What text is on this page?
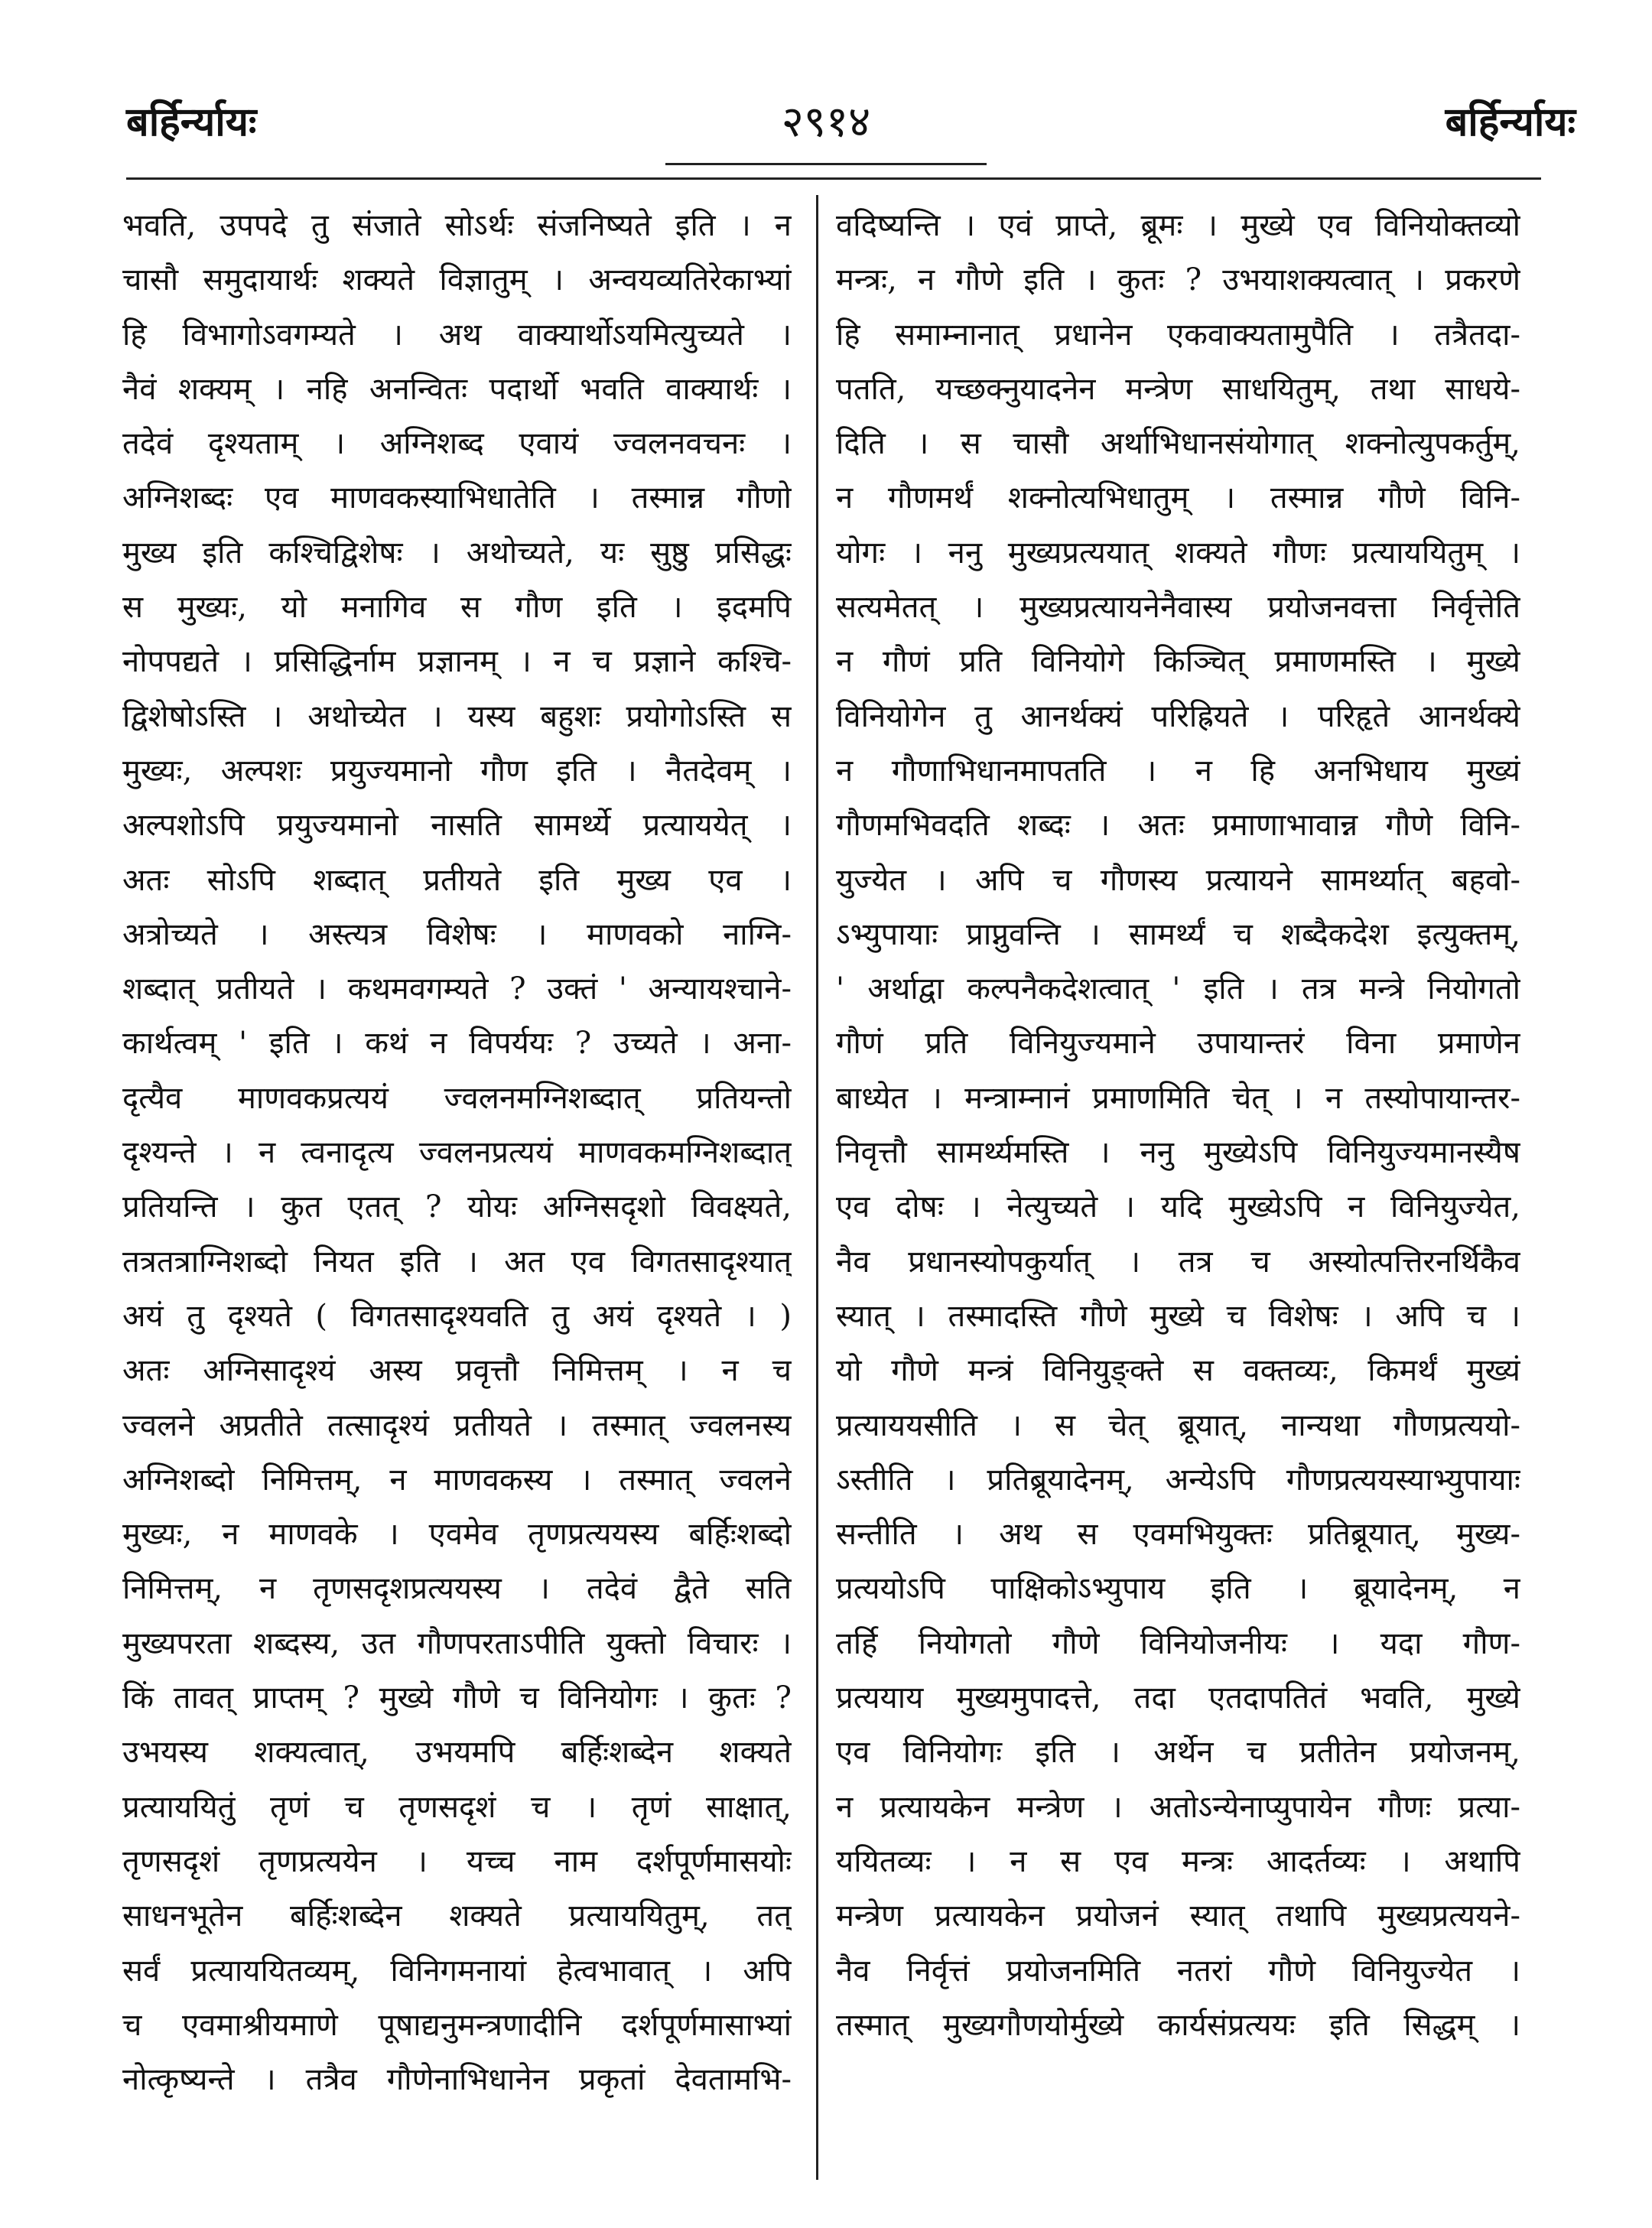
बर्हिर्न्यायः	२९१४	बर्हिर्न्यायः
भवति, उपपदे तु संजाते सोऽर्थः संजनिष्यते इति । न
चासौ समुदायार्थः शक्यते विज्ञातुम् । अन्वयव्यतिरेकाभ्यां
हि विभागोऽवगम्यते । अथ वाक्यार्थोऽयमित्युच्यते ।
नैवं शक्यम् । नहि अनन्वितः पदार्थो भवति वाक्यार्थः ।
तदेवं दृश्यताम् । अग्निशब्द एवायं ज्वलनवचनः ।
अग्निशब्दः एव माणवकस्याभिधातेति । तस्मान्न गौणो
मुख्य इति कश्चिद्विशेषः । अथोच्यते, यः सुष्ठु प्रसिद्धः
स मुख्यः, यो मनागिव स गौण इति । इदमपि
नोपपद्यते । प्रसिद्धिर्नाम प्रज्ञानम् । न च प्रज्ञाने कश्चि-
द्विशेषोऽस्ति । अथोच्येत । यस्य बहुशः प्रयोगोऽस्ति स
मुख्यः, अल्पशः प्रयुज्यमानो गौण इति । नैतदेवम् ।
अल्पशोऽपि प्रयुज्यमानो नासति सामर्थ्ये प्रत्याययेत् ।
अतः सोऽपि शब्दात् प्रतीयते इति मुख्य एव ।
अत्रोच्यते । अस्त्यत्र विशेषः । माणवको नाग्नि-
शब्दात् प्रतीयते । कथमवगम्यते ? उक्तं ' अन्यायश्चाने-
कार्थत्वम् ' इति । कथं न विपर्ययः ? उच्यते । अना-
दृत्यैव माणवकप्रत्ययं ज्वलनमग्निशब्दात् प्रतियन्तो
दृश्यन्ते । न त्वनादृत्य ज्वलनप्रत्ययं माणवकमग्निशब्दात्
प्रतियन्ति । कुत एतत् ? योयः अग्निसदृशो विवक्ष्यते,
तत्रतत्राग्निशब्दो नियत इति । अत एव विगतसादृश्यात्
अयं तु दृश्यते ( विगतसादृश्यवति तु अयं दृश्यते । )
अतः अग्निसादृश्यं अस्य प्रवृत्तौ निमित्तम् । न च
ज्वलने अप्रतीते तत्सादृश्यं प्रतीयते । तस्मात् ज्वलनस्य
अग्निशब्दो निमित्तम्, न माणवकस्य । तस्मात् ज्वलने
मुख्यः, न माणवके । एवमेव तृणप्रत्ययस्य बर्हिःशब्दो
निमित्तम्, न तृणसदृशप्रत्ययस्य । तदेवं द्वैते सति
मुख्यपरता शब्दस्य, उत गौणपरताऽपीति युक्तो विचारः ।
किं तावत् प्राप्तम् ? मुख्ये गौणे च विनियोगः । कुतः ?
उभयस्य शक्यत्वात्, उभयमपि बर्हिःशब्देन शक्यते
प्रत्याययितुं तृणं च तृणसदृशं च । तृणं साक्षात्,
तृणसदृशं तृणप्रत्ययेन । यच्च नाम दर्शपूर्णमासयोः
साधनभूतेन बर्हिःशब्देन शक्यते प्रत्याययितुम्, तत्
सर्वं प्रत्याययितव्यम्, विनिगमनायां हेत्वभावात् । अपि
च एवमाश्रीयमाणे पूषाद्यनुमन्त्रणादीनि दर्शपूर्णमासाभ्यां
नोत्कृष्यन्ते । तत्रैव गौणेनाभिधानेन प्रकृतां देवतामभि-
वदिष्यन्ति । एवं प्राप्ते, ब्रूमः । मुख्ये एव विनियोक्तव्यो
मन्त्रः, न गौणे इति । कुतः ? उभयाशक्यत्वात् । प्रकरणे
हि समाम्नानात् प्रधानेन एकवाक्यतामुपैति । तत्रैतदा-
पतति, यच्छक्नुयादनेन मन्त्रेण साधयितुम्, तथा साधये-
दिति । स चासौ अर्थाभिधानसंयोगात् शक्नोत्युपकर्तुम्,
न गौणमर्थं शक्नोत्यभिधातुम् । तस्मान्न गौणे विनि-
योगः । ननु मुख्यप्रत्ययात् शक्यते गौणः प्रत्याययितुम् ।
सत्यमेतत् । मुख्यप्रत्यायनेनैवास्य प्रयोजनवत्ता निर्वृत्तेति
न गौणं प्रति विनियोगे किञ्चित् प्रमाणमस्ति । मुख्ये
विनियोगेन तु आनर्थक्यं परिह्रियते । परिहृते आनर्थक्ये
न गौणाभिधानमापतति । न हि अनभिधाय मुख्यं
गौणमभिवदति शब्दः । अतः प्रमाणाभावान्न गौणे विनि-
युज्येत । अपि च गौणस्य प्रत्यायने सामर्थ्यात् बहवो-
ऽभ्युपायाः प्राप्नुवन्ति । सामर्थ्यं च शब्दैकदेश इत्युक्तम्,
' अर्थाद्वा कल्पनैकदेशत्वात् ' इति । तत्र मन्त्रे नियोगतो
गौणं प्रति विनियुज्यमाने उपायान्तरं विना प्रमाणेन
बाध्येत । मन्त्राम्नानं प्रमाणमिति चेत् । न तस्योपायान्तर-
निवृत्तौ सामर्थ्यमस्ति । ननु मुख्येऽपि विनियुज्यमानस्यैष
एव दोषः । नेत्युच्यते । यदि मुख्येऽपि न विनियुज्येत,
नैव प्रधानस्योपकुर्यात् । तत्र च अस्योत्पत्तिरनर्थिकैव
स्यात् । तस्मादस्ति गौणे मुख्ये च विशेषः । अपि च ।
यो गौणे मन्त्रं विनियुङ्क्ते स वक्तव्यः, किमर्थं मुख्यं
प्रत्याययसीति । स चेत् ब्रूयात्, नान्यथा गौणप्रत्ययो-
ऽस्तीति । प्रतिब्रूयादेनम्, अन्येऽपि गौणप्रत्ययस्याभ्युपायाः
सन्तीति । अथ स एवमभियुक्तः प्रतिब्रूयात्, मुख्य-
प्रत्ययोऽपि पाक्षिकोऽभ्युपाय इति । ब्रूयादेनम्, न
तर्हि नियोगतो गौणे विनियोजनीयः । यदा गौण-
प्रत्ययाय मुख्यमुपादत्ते, तदा एतदापतितं भवति, मुख्ये
एव विनियोगः इति । अर्थेन च प्रतीतेन प्रयोजनम्,
न प्रत्यायकेन मन्त्रेण । अतोऽन्येनाप्युपायेन गौणः प्रत्या-
ययितव्यः । न स एव मन्त्रः आदर्तव्यः । अथापि
मन्त्रेण प्रत्यायकेन प्रयोजनं स्यात् तथापि मुख्यप्रत्ययने-
नैव निर्वृत्तं प्रयोजनमिति नतरां गौणे विनियुज्येत ।
तस्मात् मुख्यगौणयोर्मुख्ये कार्यसंप्रत्ययः इति सिद्धम् ।
